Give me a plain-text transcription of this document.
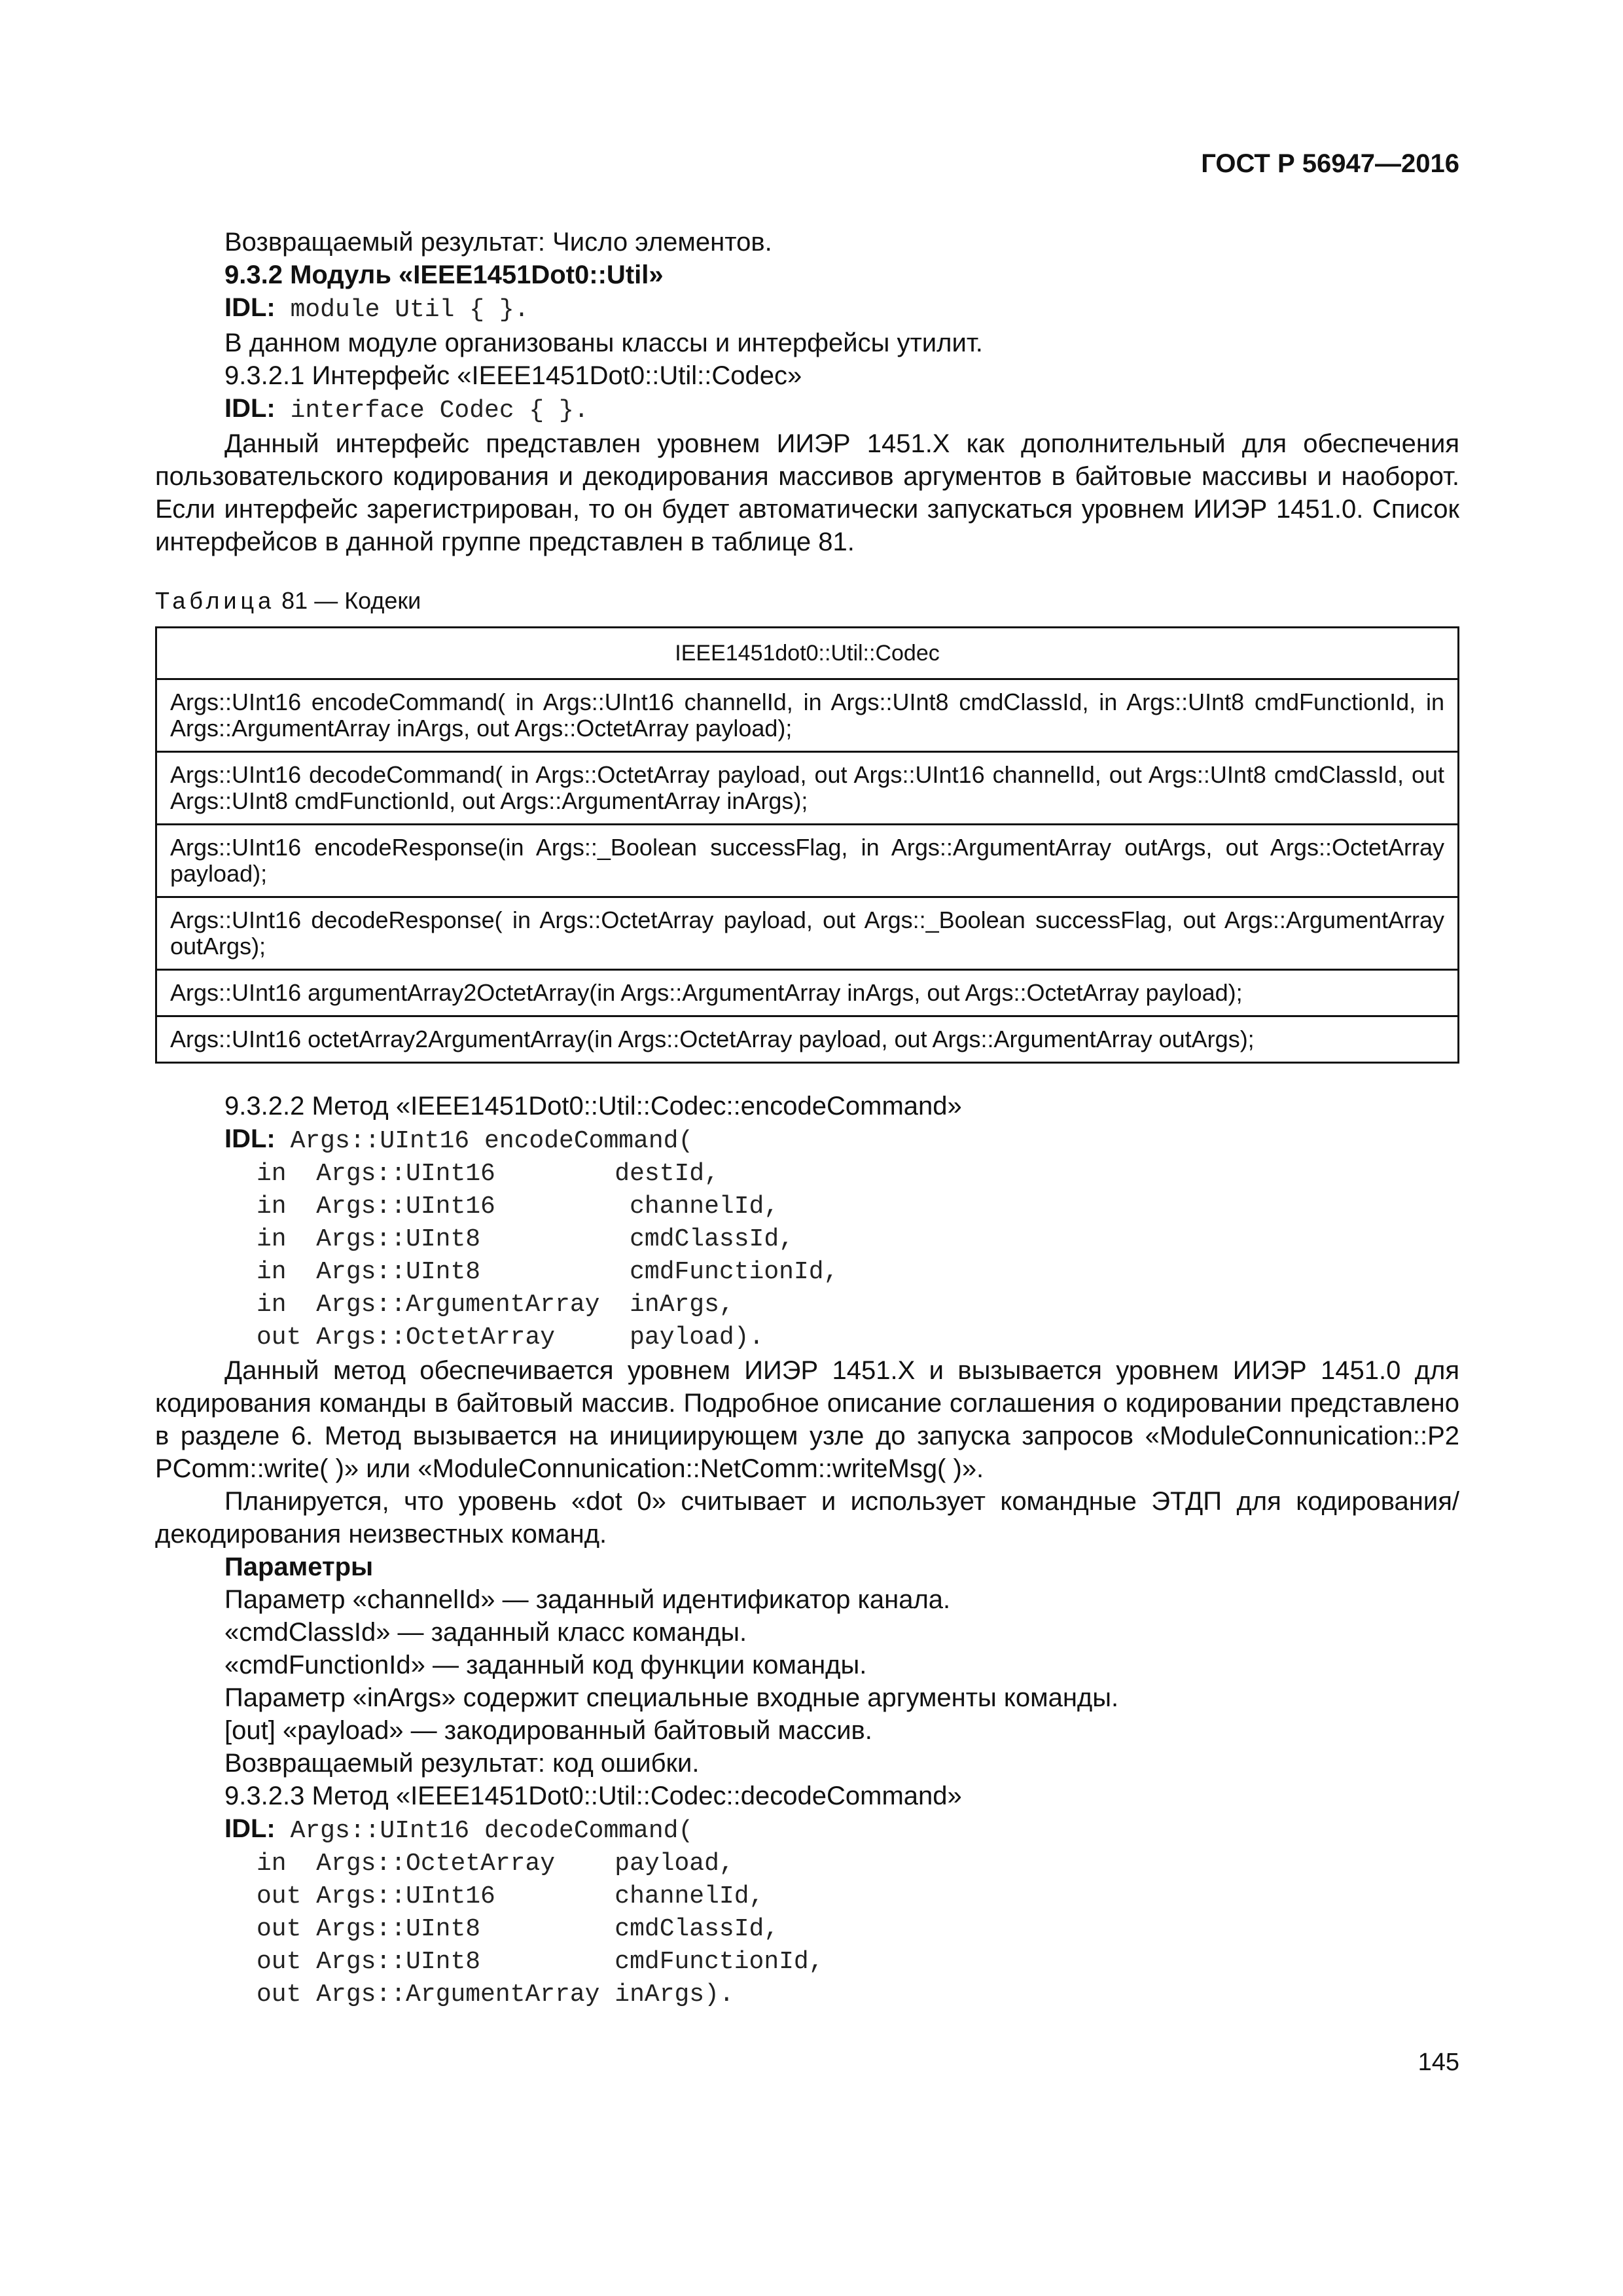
ГОСТ Р 56947—2016

Возвращаемый результат: Число элементов.

9.3.2 Модуль «IEEE1451Dot0::Util»

IDL: module Util { }.

В данном модуле организованы классы и интерфейсы утилит.

9.3.2.1 Интерфейс «IEEE1451Dot0::Util::Codec»

IDL: interface Codec { }.

Данный интерфейс представлен уровнем ИИЭР 1451.X как дополнительный для обеспечения пользовательского кодирования и декодирования массивов аргументов в байтовые массивы и наоборот. Если интерфейс зарегистрирован, то он будет автоматически запускаться уровнем ИИЭР 1451.0. Список интерфейсов в данной группе представлен в таблице 81.

Таблица 81 — Кодеки

IEEE1451dot0::Util::Codec
Args::UInt16 encodeCommand( in Args::UInt16 channelId, in Args::UInt8 cmdClassId, in Args::UInt8 cmdFunctionId, in Args::ArgumentArray inArgs, out Args::OctetArray payload);
Args::UInt16 decodeCommand( in Args::OctetArray payload, out Args::UInt16 channelId, out Args::UInt8 cmdClassId, out Args::UInt8 cmdFunctionId, out Args::ArgumentArray inArgs);
Args::UInt16 encodeResponse(in Args::_Boolean successFlag, in Args::ArgumentArray outArgs, out Args::OctetArray payload);
Args::UInt16 decodeResponse( in Args::OctetArray payload, out Args::_Boolean successFlag, out Args::ArgumentArray outArgs);
Args::UInt16 argumentArray2OctetArray(in Args::ArgumentArray inArgs, out Args::OctetArray payload);
Args::UInt16 octetArray2ArgumentArray(in Args::OctetArray payload, out Args::ArgumentArray outArgs);

9.3.2.2 Метод «IEEE1451Dot0::Util::Codec::encodeCommand»

IDL: Args::UInt16 encodeCommand(

in  Args::UInt16        destId,
in  Args::UInt16         channelId,
in  Args::UInt8          cmdClassId,
in  Args::UInt8          cmdFunctionId,
in  Args::ArgumentArray  inArgs,
out Args::OctetArray     payload).

Данный метод обеспечивается уровнем ИИЭР 1451.X и вызывается уровнем ИИЭР 1451.0 для кодирования команды в байтовый массив. Подробное описание соглашения о кодировании представлено в разделе 6. Метод вызывается на инициирующем узле до запуска запросов «ModuleConnunication::P2 PComm::write( )» или «ModuleConnunication::NetComm::writeMsg( )».

Планируется, что уровень «dot 0» считывает и использует командные ЭТДП для кодирования/ декодирования неизвестных команд.

Параметры

Параметр «channelId» — заданный идентификатор канала.

«cmdClassId» — заданный класс команды.

«cmdFunctionId» — заданный код функции команды.

Параметр «inArgs» содержит специальные входные аргументы команды.

[out] «payload» — закодированный байтовый массив.

Возвращаемый результат: код ошибки.

9.3.2.3 Метод «IEEE1451Dot0::Util::Codec::decodeCommand»

IDL: Args::UInt16 decodeCommand(

in  Args::OctetArray    payload,
out Args::UInt16        channelId,
out Args::UInt8         cmdClassId,
out Args::UInt8         cmdFunctionId,
out Args::ArgumentArray inArgs).
145
